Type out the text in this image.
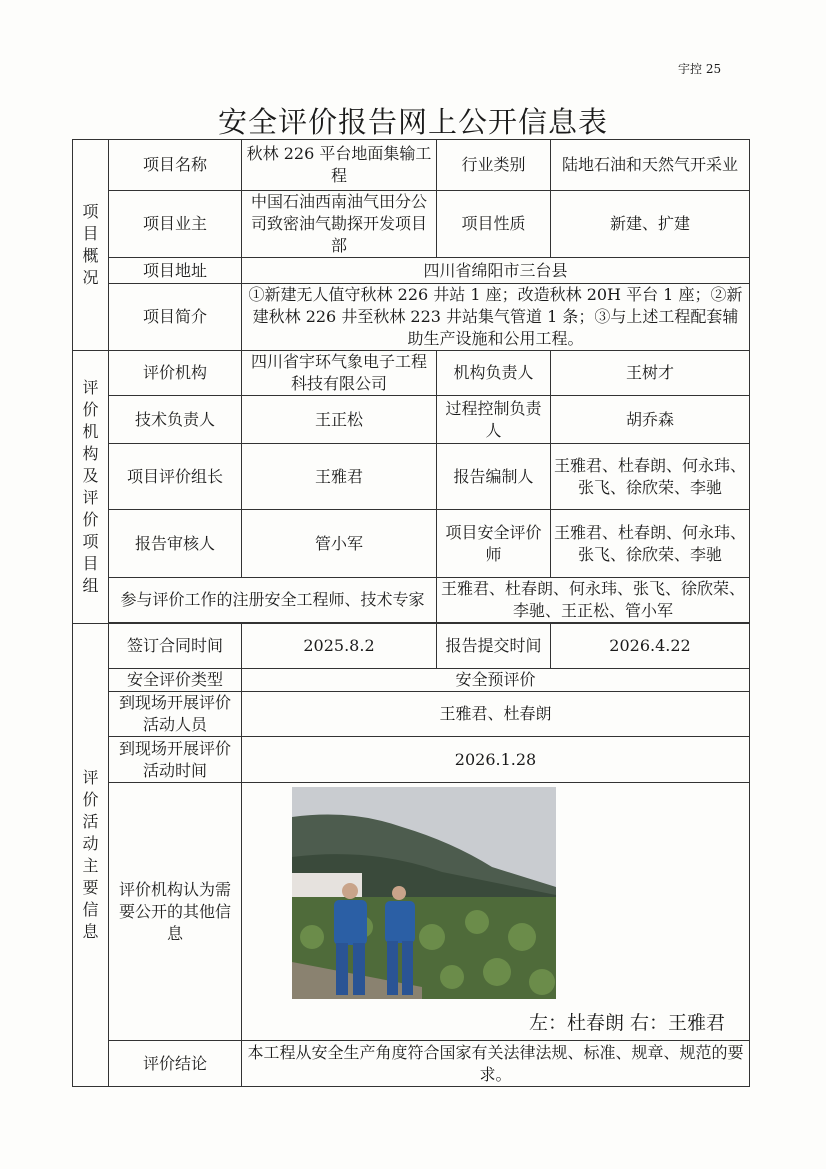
宇控 25
安全评价报告网上公开信息表
项目概况	项目名称	秋林 226 平台地面集输工程	行业类别	陆地石油和天然气开采业
	项目业主	中国石油西南油气田分公司致密油气勘探开发项目部	项目性质	新建、扩建
	项目地址	四川省绵阳市三台县		
	项目简介	①新建无人值守秋林 226 井站 1 座；改造秋林 20H 平台 1 座；②新建秋林 226 井至秋林 223 井站集气管道 1 条；③与上述工程配套辅助生产设施和公用工程。		

评价机构及评价项目组	评价机构	四川省宇环气象电子工程科技有限公司	机构负责人	王树才
	技术负责人	王正松	过程控制负责人	胡乔森
	项目评价组长	王雅君	报告编制人	王雅君、杜春朗、何永玮、张飞、徐欣荣、李驰
	报告审核人	管小军	项目安全评价师	王雅君、杜春朗、何永玮、张飞、徐欣荣、李驰
	参与评价工作的注册安全工程师、技术专家		王雅君、杜春朗、何永玮、张飞、徐欣荣、李驰、王正松、管小军	

评价活动主要信息	签订合同时间	2025.8.2	报告提交时间	2026.4.22
	安全评价类型	安全预评价		
	到现场开展评价活动人员	王雅君、杜春朗		
	到现场开展评价活动时间	2026.1.28		
	评价机构认为需要公开的其他信息	左：杜春朗 右：王雅君		

	评价结论	本工程从安全生产角度符合国家有关法律法规、标准、规章、规范的要求。		
